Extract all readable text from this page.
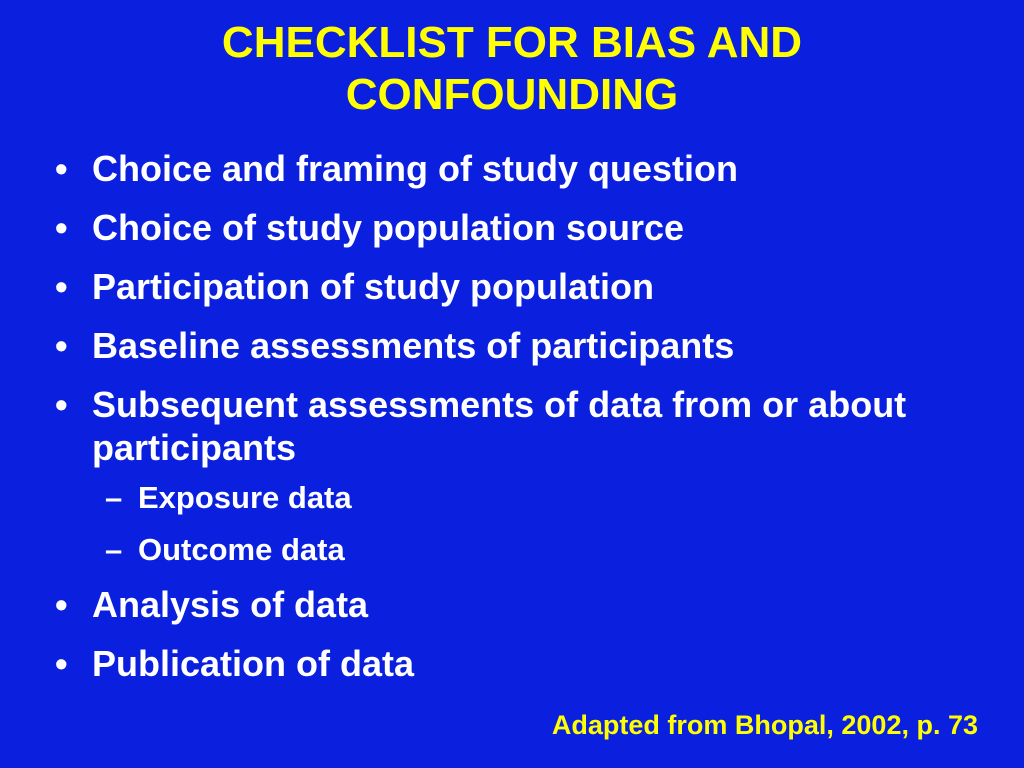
CHECKLIST FOR BIAS AND
CONFOUNDING
• Choice and framing of study question
• Choice of study population source
• Participation of study population
• Baseline assessments of participants
• Subsequent assessments of data from or about participants
– Exposure data
– Outcome data
• Analysis of data
• Publication of data
Adapted from Bhopal, 2002, p. 73
